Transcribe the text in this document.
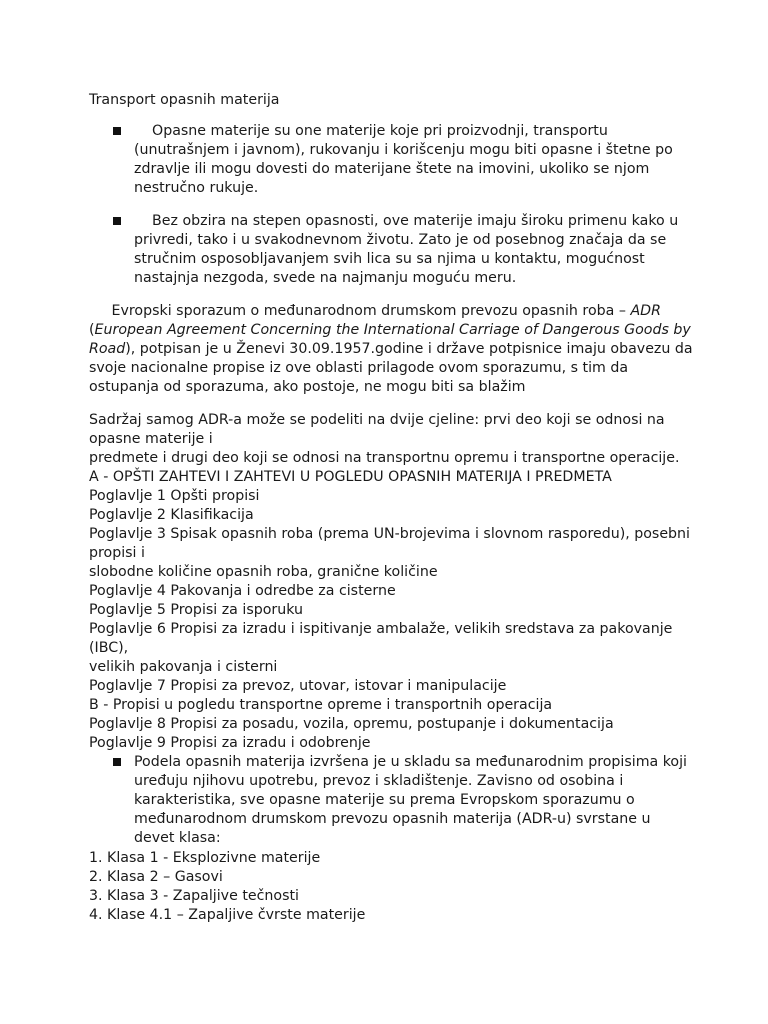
Transport opasnih materija
Opasne materije su one materije koje pri proizvodnji, transportu
(unutrašnjem i javnom), rukovanju i korišcenju mogu biti opasne i štetne po
zdravlje ili mogu dovesti do materijane štete na imovini, ukoliko se njom
nestručno rukuje.
Bez obzira na stepen opasnosti, ove materije imaju široku primenu kako u
privredi, tako i u svakodnevnom životu. Zato je od posebnog značaja da se
stručnim osposobljavanjem svih lica su sa njima u kontaktu, mogućnost
nastajnja nezgoda, svede na najmanju moguću meru.
Evropski sporazum o međunarodnom drumskom prevozu opasnih roba – ADR
(European Agreement Concerning the International Carriage of Dangerous Goods by
Road), potpisan je u Ženevi 30.09.1957.godine i države potpisnice imaju obavezu da
svoje nacionalne propise iz ove oblasti prilagode ovom sporazumu, s tim da
ostupanja od sporazuma, ako postoje, ne mogu biti sa blažim
Sadržaj samog ADR-a može se podeliti na dvije cjeline: prvi deo koji se odnosi na
opasne materije i
predmete i drugi deo koji se odnosi na transportnu opremu i transportne operacije.
A - OPŠTI ZAHTEVI I ZAHTEVI U POGLEDU OPASNIH MATERIJA I PREDMETA
Poglavlje 1 Opšti propisi
Poglavlje 2 Klasifikacija
Poglavlje 3 Spisak opasnih roba (prema UN-brojevima i slovnom rasporedu), posebni
propisi i
slobodne količine opasnih roba, granične količine
Poglavlje 4 Pakovanja i odredbe za cisterne
Poglavlje 5 Propisi za isporuku
Poglavlje 6 Propisi za izradu i ispitivanje ambalaže, velikih sredstava za pakovanje
(IBC),
velikih pakovanja i cisterni
Poglavlje 7 Propisi za prevoz, utovar, istovar i manipulacije
B - Propisi u pogledu transportne opreme i transportnih operacija
Poglavlje 8 Propisi za posadu, vozila, opremu, postupanje i dokumentacija
Poglavlje 9 Propisi za izradu i odobrenje
Podela opasnih materija izvršena je u skladu sa međunarodnim propisima koji
uređuju njihovu upotrebu, prevoz i skladištenje. Zavisno od osobina i
karakteristika, sve opasne materije su prema Evropskom sporazumu o
međunarodnom drumskom prevozu opasnih materija (ADR-u) svrstane u
devet klasa:
1. Klasa 1 - Eksplozivne materije
2. Klasa 2 – Gasovi
3. Klasa 3 - Zapaljive tečnosti
4. Klase 4.1 – Zapaljive čvrste materije
